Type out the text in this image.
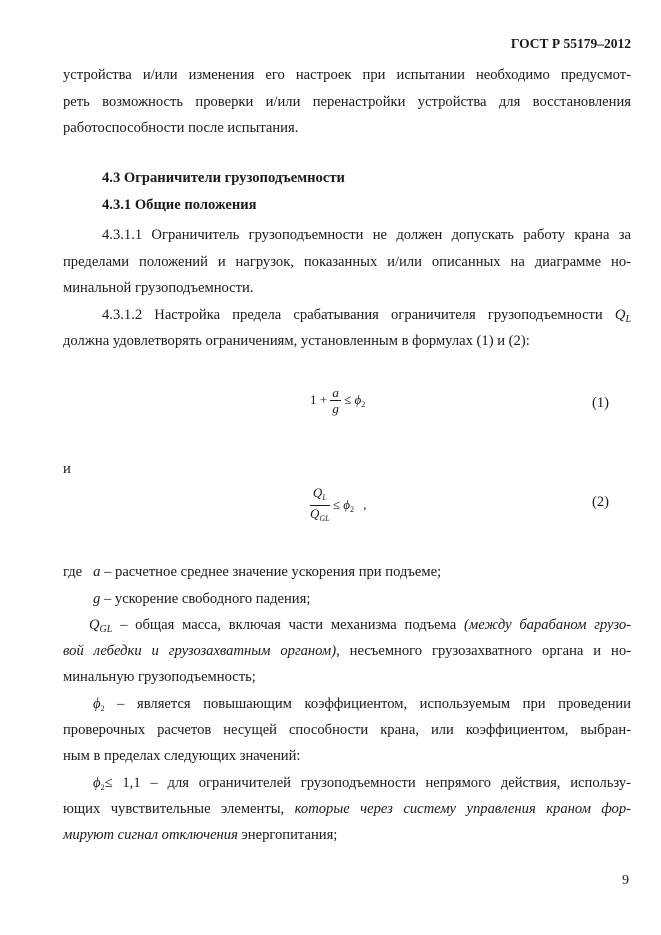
ГОСТ Р 55179–2012
устройства и/или изменения его настроек при испытании необходимо предусмот-
реть возможность проверки и/или перенастройки устройства для восстановления
работоспособности после испытания.
4.3 Ограничители грузоподъемности
4.3.1 Общие положения
4.3.1.1 Ограничитель грузоподъемности не должен допускать работу крана за
пределами положений и нагрузок, показанных и/или описанных на диаграмме но-
минальной грузоподъемности.
4.3.1.2 Настройка предела срабатывания ограничителя грузоподъемности $Q_L$
должна удовлетворять ограничениям, установленным в формулах (1) и (2):
$1 + \frac{a}{g} \le \phi_2$	(1)
и
$\frac{Q_L}{Q_{GL}} \le \phi_2$ ,	(2)
где a – расчетное среднее значение ускорения при подъеме;
g – ускорение свободного падения;
$Q_{GL}$ – общая масса, включая части механизма подъема (между барабаном грузо-
вой лебедки и грузозахватным органом), несъемного грузозахватного органа и но-
минальную грузоподъемность;
$\phi_2$ – является повышающим коэффициентом, используемым при проведении
проверочных расчетов несущей способности крана, или коэффициентом, выбран-
ным в пределах следующих значений:
$\phi_2\le 1,1$ – для ограничителей грузоподъемности непрямого действия, использу-
ющих чувствительные элементы, которые через систему управления краном фор-
мируют сигнал отключения энергопитания;
9
